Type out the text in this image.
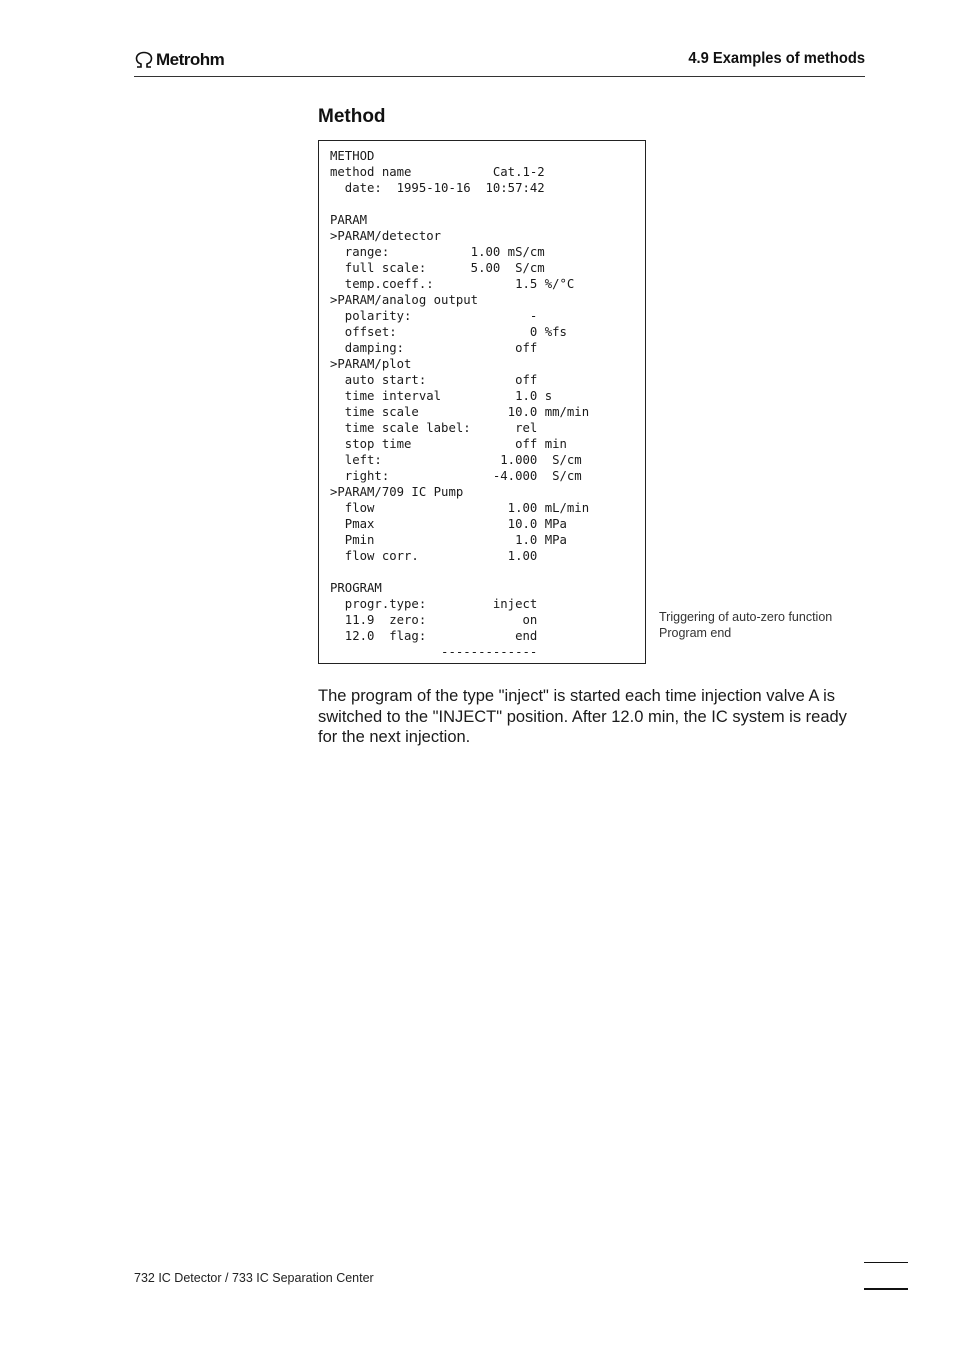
Metrohm	4.9 Examples of methods
Method
METHOD
method name           Cat.1-2
date:  1995-10-16  10:57:42

PARAM
>PARAM/detector
range:           1.00 mS/cm
full scale:      5.00  S/cm
temp.coeff.:           1.5 %/°C
>PARAM/analog output
polarity:                -
offset:                  0 %fs
damping:               off
>PARAM/plot
auto start:            off
time interval          1.0 s
time scale            10.0 mm/min
time scale label:      rel
stop time              off min
left:                1.000  S/cm
right:              -4.000  S/cm
>PARAM/709 IC Pump
flow                  1.00 mL/min
Pmax                  10.0 MPa
Pmin                   1.0 MPa
flow corr.            1.00

PROGRAM
progr.type:         inject
11.9  zero:             on
12.0  flag:            end
-------------

Triggering of auto-zero function
Program end

The program of the type "inject" is started each time injection valve A is switched to the "INJECT" position. After 12.0 min, the IC system is ready for the next injection.

732 IC Detector / 733 IC Separation Center
